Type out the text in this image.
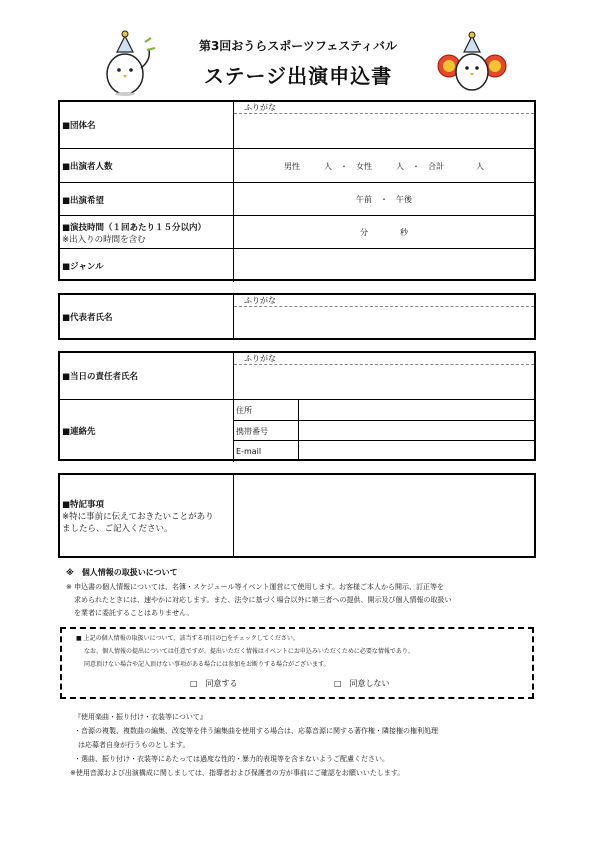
第3回おうらスポーツフェスティバル
ステージ出演申込書
■団体名
ふりがな
■出演者人数	男性　　　人　・　女性　　　人　・　合計　　　　人
■出演希望	午前　・　午後
■演技時間（１回あたり１５分以内）
※出入りの時間を含む
分　　　　秒
■ジャンル
■代表者氏名
ふりがな
■当日の責任者氏名
ふりがな
■連絡先
住所
携帯番号
E-mail
■特記事項
※特に事前に伝えておきたいことがあり
ましたら、ご記入ください。
※　個人情報の取扱いについて
※ 申込書の個人情報については、名簿・スケジュール等イベント運営にて使用します。お客様ご本人から開示、訂正等を
求められたときには、速やかに対応します。また、法令に基づく場合以外に第三者への提供、開示及び個人情報の取扱い
を業者に委託することはありません。
■ 上記の個人情報の取扱いについて、該当する項目の□をチェックしてください。
なお、個人情報の提出については任意ですが、提出いただく情報はイベントにお申込みいただくために必要な情報であり、
同意頂けない場合や記入頂けない事項がある場合には参加をお断りする場合がございます。
□　同意する	□　同意しない
『使用楽曲・振り付け・衣装等について』
・音源の複製、複数曲の編集、改変等を伴う編集曲を使用する場合は、応募音源に関する著作権・隣接権の権利処理
は応募者自身が行うものとします。
・選曲、振り付け・衣装等にあたっては過度な性的・暴力的表現等を含まないようご配慮ください。
※使用音源および出演構成に関しましては、指導者および保護者の方が事前にご確認をお願いいたします。
